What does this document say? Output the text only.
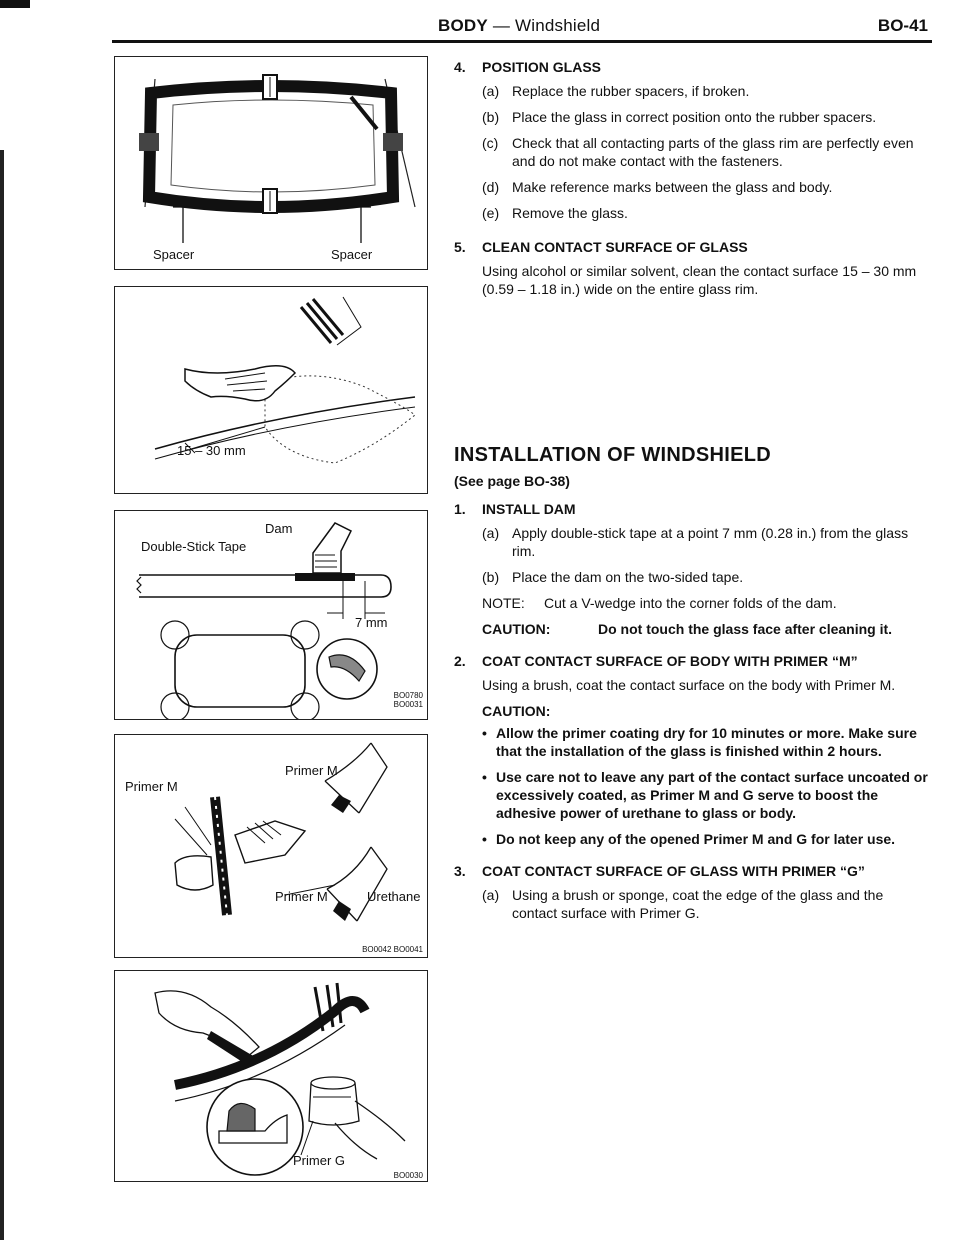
BODY — Windshield	BO-41
Spacer	Spacer
15 – 30 mm
Dam
Double-Stick Tape
7 mm
BO0780
BO0031
Primer M
Primer M
Primer M	Urethane
BO0042 BO0041
Primer G
BO0030
4. POSITION GLASS
(a) Replace the rubber spacers, if broken.
(b) Place the glass in correct position onto the rubber spacers.
(c) Check that all contacting parts of the glass rim are perfectly even and do not make contact with the fasteners.
(d) Make reference marks between the glass and body.
(e) Remove the glass.
5. CLEAN CONTACT SURFACE OF GLASS
Using alcohol or similar solvent, clean the contact surface 15 – 30 mm (0.59 – 1.18 in.) wide on the entire glass rim.
INSTALLATION OF WINDSHIELD
(See page BO-38)
1. INSTALL DAM
(a) Apply double-stick tape at a point 7 mm (0.28 in.) from the glass rim.
(b) Place the dam on the two-sided tape.
NOTE: Cut a V-wedge into the corner folds of the dam.
CAUTION:	Do not touch the glass face after cleaning it.
2. COAT CONTACT SURFACE OF BODY WITH PRIMER “M”
Using a brush, coat the contact surface on the body with Primer M.
CAUTION:
• Allow the primer coating dry for 10 minutes or more. Make sure that the installation of the glass is finished within 2 hours.
• Use care not to leave any part of the contact surface uncoated or excessively coated, as Primer M and G serve to boost the adhesive power of urethane to glass or body.
• Do not keep any of the opened Primer M and G for later use.
3. COAT CONTACT SURFACE OF GLASS WITH PRIMER “G”
(a) Using a brush or sponge, coat the edge of the glass and the contact surface with Primer G.
